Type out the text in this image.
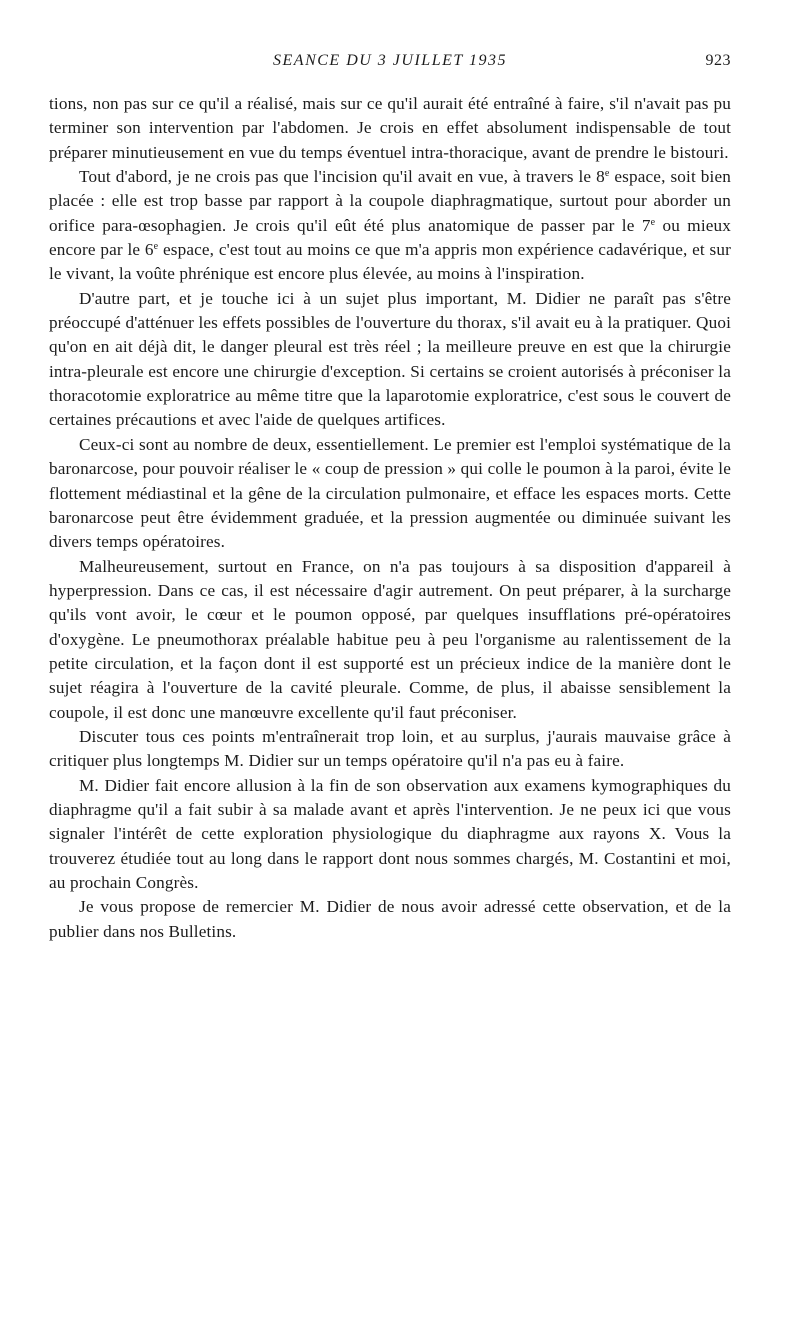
SEANCE DU 3 JUILLET 1935	923

tions, non pas sur ce qu'il a réalisé, mais sur ce qu'il aurait été entraîné à faire, s'il n'avait pas pu terminer son intervention par l'abdomen. Je crois en effet absolument indispensable de tout préparer minutieusement en vue du temps éventuel intra-thoracique, avant de prendre le bistouri.

Tout d'abord, je ne crois pas que l'incision qu'il avait en vue, à travers le 8e espace, soit bien placée : elle est trop basse par rapport à la coupole diaphragmatique, surtout pour aborder un orifice para-œsophagien. Je crois qu'il eût été plus anatomique de passer par le 7e ou mieux encore par le 6e espace, c'est tout au moins ce que m'a appris mon expérience cadavérique, et sur le vivant, la voûte phrénique est encore plus élevée, au moins à l'inspiration.

D'autre part, et je touche ici à un sujet plus important, M. Didier ne paraît pas s'être préoccupé d'atténuer les effets possibles de l'ouverture du thorax, s'il avait eu à la pratiquer. Quoi qu'on en ait déjà dit, le danger pleural est très réel ; la meilleure preuve en est que la chirurgie intra-pleurale est encore une chirurgie d'exception. Si certains se croient autorisés à préconiser la thoracotomie exploratrice au même titre que la laparotomie exploratrice, c'est sous le couvert de certaines précautions et avec l'aide de quelques artifices.

Ceux-ci sont au nombre de deux, essentiellement. Le premier est l'emploi systématique de la baronarcose, pour pouvoir réaliser le « coup de pression » qui colle le poumon à la paroi, évite le flottement médiastinal et la gêne de la circulation pulmonaire, et efface les espaces morts. Cette baronarcose peut être évidemment graduée, et la pression augmentée ou diminuée suivant les divers temps opératoires.

Malheureusement, surtout en France, on n'a pas toujours à sa disposition d'appareil à hyperpression. Dans ce cas, il est nécessaire d'agir autrement. On peut préparer, à la surcharge qu'ils vont avoir, le cœur et le poumon opposé, par quelques insufflations pré-opératoires d'oxygène. Le pneumothorax préalable habitue peu à peu l'organisme au ralentissement de la petite circulation, et la façon dont il est supporté est un précieux indice de la manière dont le sujet réagira à l'ouverture de la cavité pleurale. Comme, de plus, il abaisse sensiblement la coupole, il est donc une manœuvre excellente qu'il faut préconiser.

Discuter tous ces points m'entraînerait trop loin, et au surplus, j'aurais mauvaise grâce à critiquer plus longtemps M. Didier sur un temps opératoire qu'il n'a pas eu à faire.

M. Didier fait encore allusion à la fin de son observation aux examens kymographiques du diaphragme qu'il a fait subir à sa malade avant et après l'intervention. Je ne peux ici que vous signaler l'intérêt de cette exploration physiologique du diaphragme aux rayons X. Vous la trouverez étudiée tout au long dans le rapport dont nous sommes chargés, M. Costantini et moi, au prochain Congrès.

Je vous propose de remercier M. Didier de nous avoir adressé cette observation, et de la publier dans nos Bulletins.
